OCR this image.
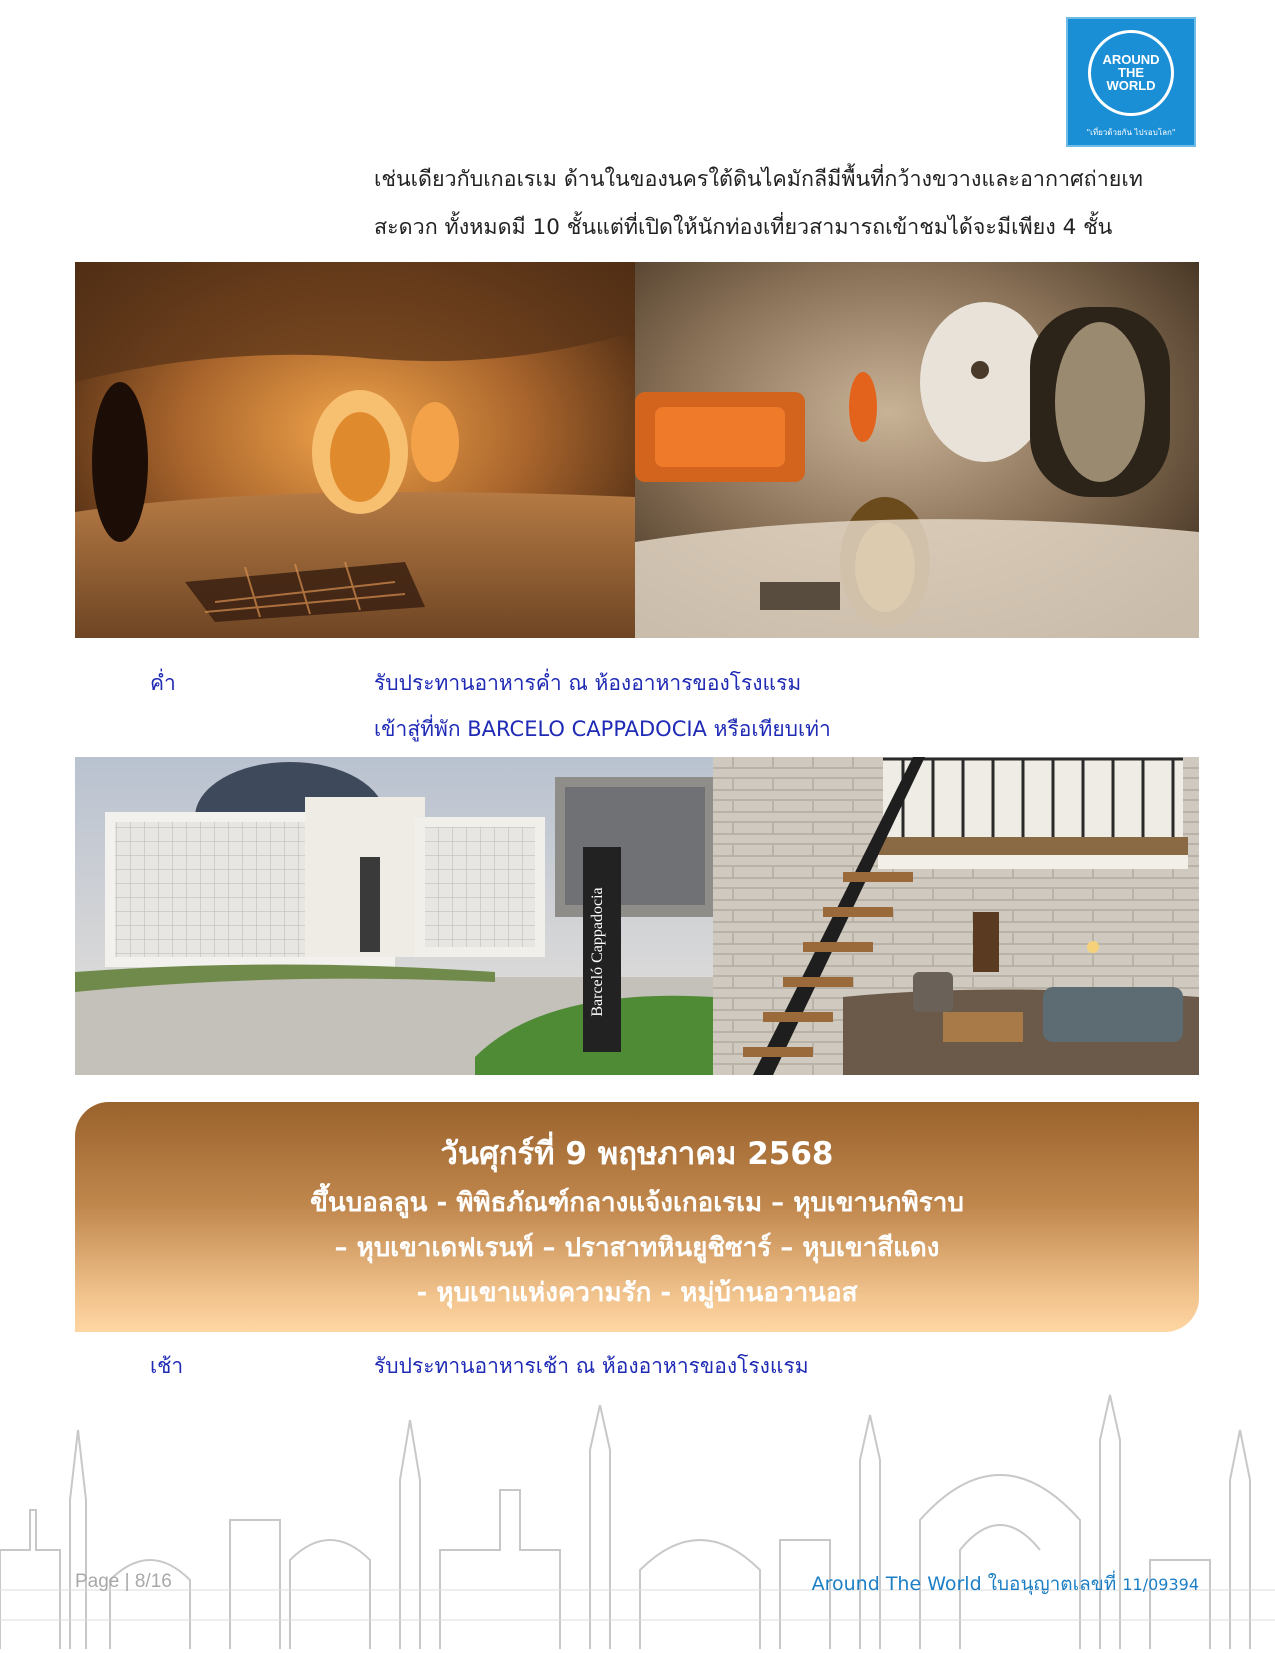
AROUND THE WORLD
"เที่ยวด้วยกัน ไปรอบโลก"

เช่นเดียวกับเกอเรเม ด้านในของนครใต้ดินไคมักลีมีพื้นที่กว้างขวางและอากาศถ่ายเท

สะดวก ทั้งหมดมี 10 ชั้นแต่ที่เปิดให้นักท่องเที่ยวสามารถเข้าชมได้จะมีเพียง 4 ชั้น

ค่ำ	รับประทานอาหารค่ำ ณ ห้องอาหารของโรงแรม
เข้าสู่ที่พัก BARCELO CAPPADOCIA หรือเทียบเท่า
Barceló Cappadocia
วันศุกร์ที่ 9 พฤษภาคม 2568
ขึ้นบอลลูน - พิพิธภัณฑ์กลางแจ้งเกอเรเม – หุบเขานกพิราบ
– หุบเขาเดฟเรนท์ – ปราสาทหินยูชิซาร์ – หุบเขาสีแดง
- หุบเขาแห่งความรัก - หมู่บ้านอวานอส
เช้า	รับประทานอาหารเช้า ณ ห้องอาหารของโรงแรม
Page | 8/16	Around The World ใบอนุญาตเลขที่ 11/09394
